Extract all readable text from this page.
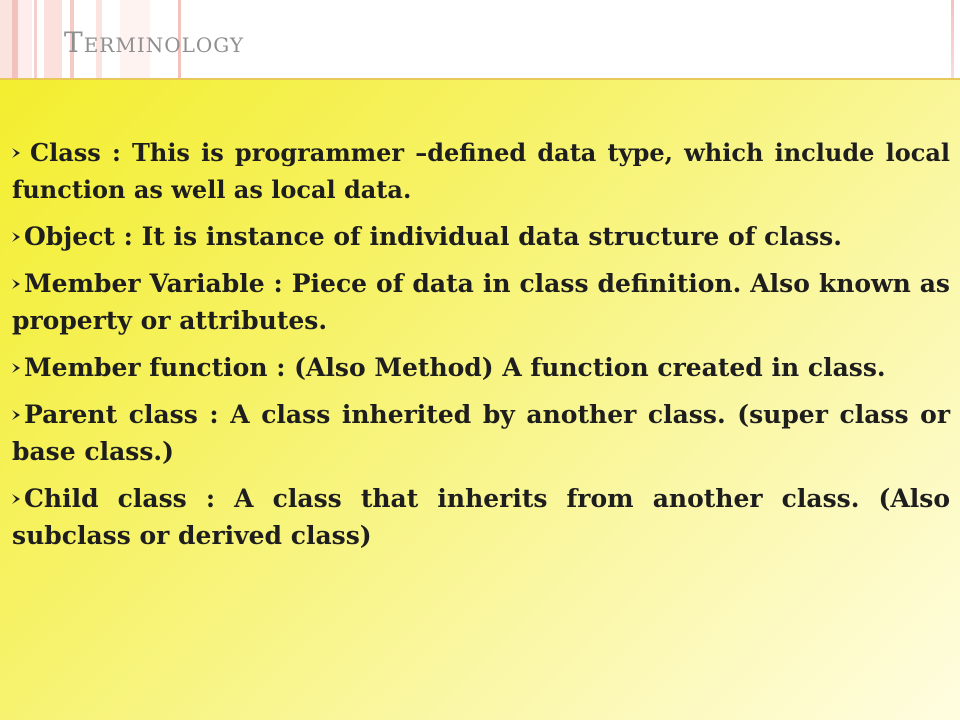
TERMINOLOGY
Class : This is programmer –defined data type, which include local function as well as local data.
Object : It is instance of individual data structure of class.
Member Variable : Piece of data in class definition. Also known as property or attributes.
Member function : (Also Method) A function created in class.
Parent class : A class inherited by another class. (super class or base class.)
Child class : A class that inherits from another class. (Also subclass or derived class)
